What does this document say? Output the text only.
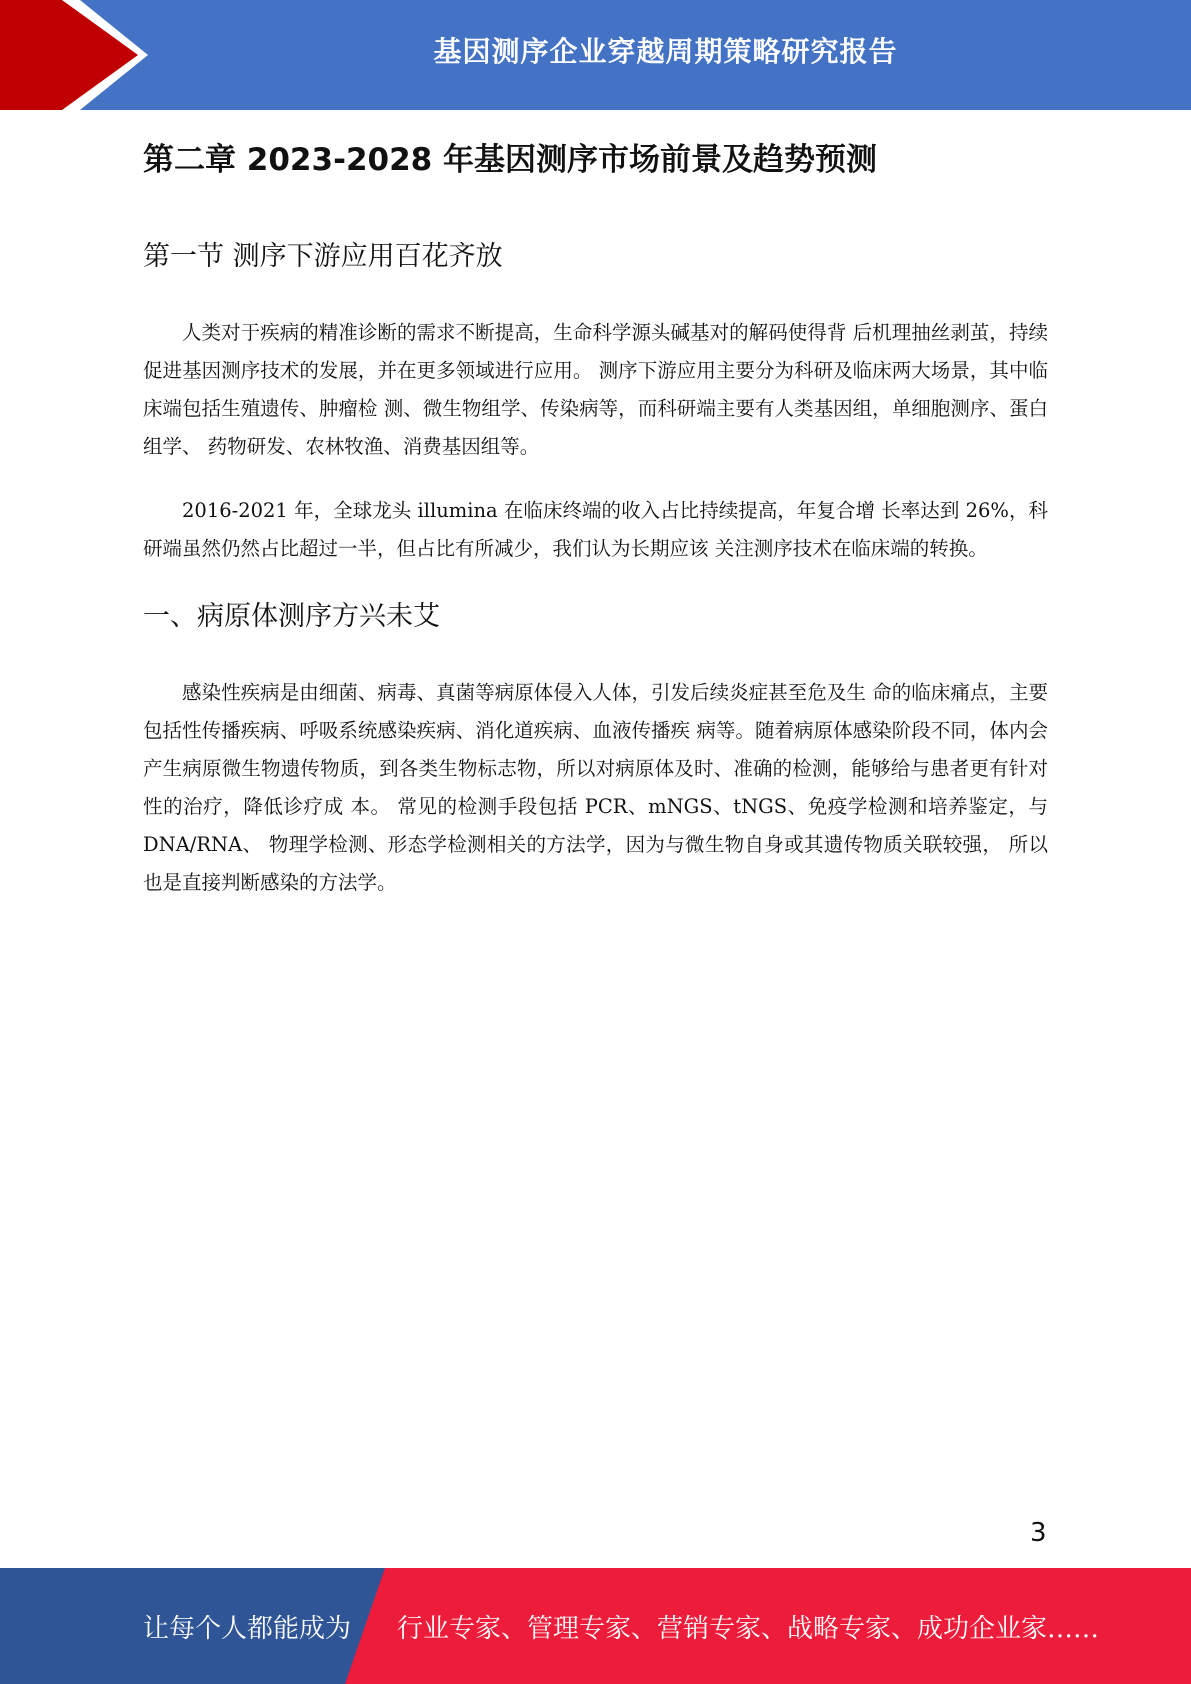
基因测序企业穿越周期策略研究报告
第二章 2023-2028 年基因测序市场前景及趋势预测
第一节 测序下游应用百花齐放

人类对于疾病的精准诊断的需求不断提高，生命科学源头碱基对的解码使得背 后机理抽丝剥茧，持续促进基因测序技术的发展，并在更多领域进行应用。 测序下游应用主要分为科研及临床两大场景，其中临床端包括生殖遗传、肿瘤检 测、微生物组学、传染病等，而科研端主要有人类基因组，单细胞测序、蛋白组学、 药物研发、农林牧渔、消费基因组等。

2016-2021 年，全球龙头 illumina 在临床终端的收入占比持续提高，年复合增 长率达到 26%，科研端虽然仍然占比超过一半，但占比有所减少，我们认为长期应该 关注测序技术在临床端的转换。

一、病原体测序方兴未艾

感染性疾病是由细菌、病毒、真菌等病原体侵入人体，引发后续炎症甚至危及生 命的临床痛点，主要包括性传播疾病、呼吸系统感染疾病、消化道疾病、血液传播疾 病等。随着病原体感染阶段不同，体内会产生病原微生物遗传物质，到各类生物标志物，所以对病原体及时、准确的检测，能够给与患者更有针对性的治疗，降低诊疗成 本。 常见的检测手段包括 PCR、mNGS、tNGS、免疫学检测和培养鉴定，与 DNA/RNA、 物理学检测、形态学检测相关的方法学，因为与微生物自身或其遗传物质关联较强， 所以也是直接判断感染的方法学。

3
让每个人都能成为 行业专家、管理专家、营销专家、战略专家、成功企业家……
